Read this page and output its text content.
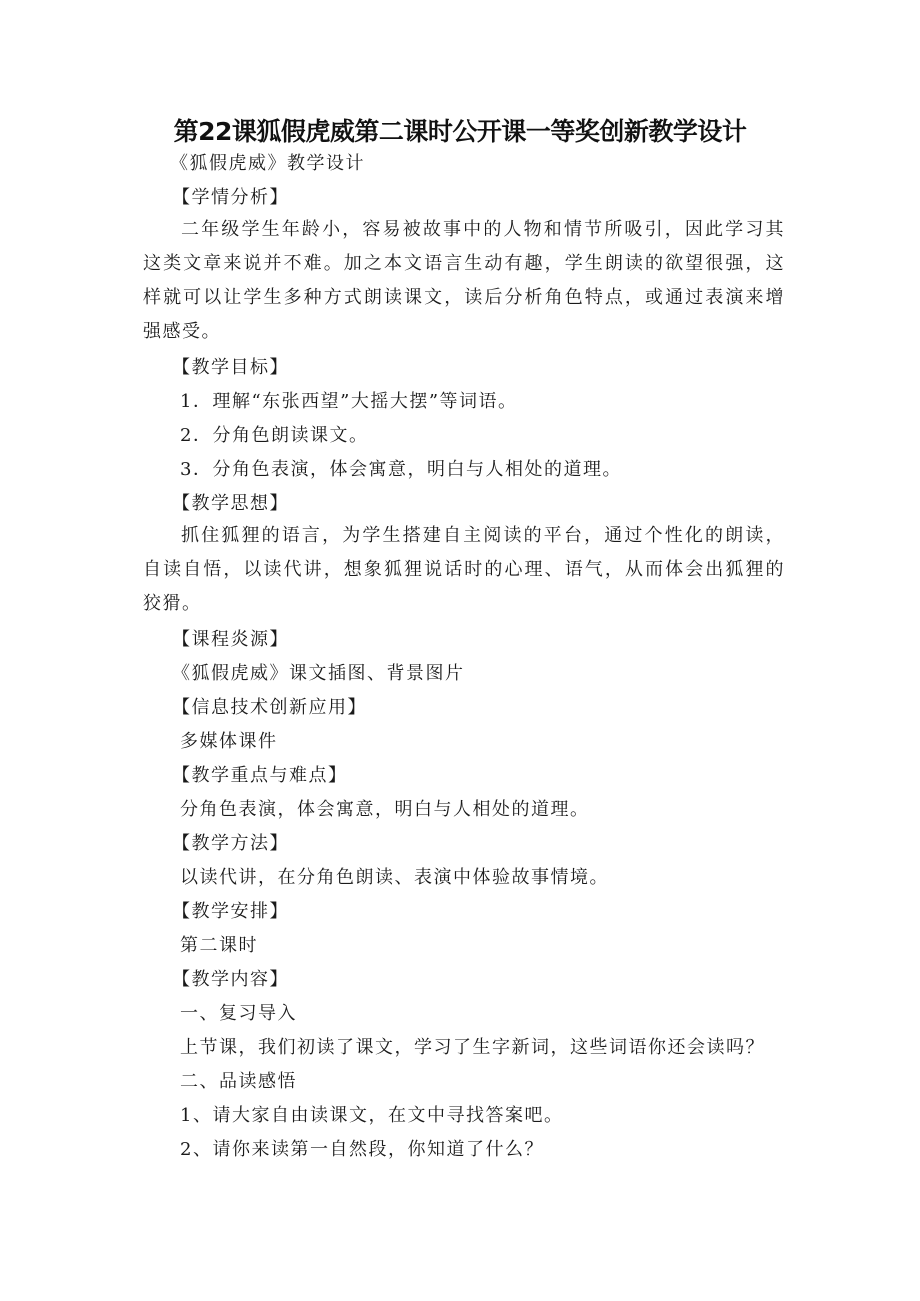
第22课狐假虎威第二课时公开课一等奖创新教学设计
《狐假虎威》教学设计
【学情分析】
二年级学生年龄小，容易被故事中的人物和情节所吸引，因此学习其这类文章来说并不难。加之本文语言生动有趣，学生朗读的欲望很强，这样就可以让学生多种方式朗读课文，读后分析角色特点，或通过表演来增强感受。
【教学目标】
1．理解“东张西望”大摇大摆”等词语。
2．分角色朗读课文。
3．分角色表演，体会寓意，明白与人相处的道理。
【教学思想】
抓住狐狸的语言，为学生搭建自主阅读的平台，通过个性化的朗读，自读自悟，以读代讲，想象狐狸说话时的心理、语气，从而体会出狐狸的狡猾。
【课程炎源】
《狐假虎威》课文插图、背景图片
【信息技术创新应用】
多媒体课件
【教学重点与难点】
分角色表演，体会寓意，明白与人相处的道理。
【教学方法】
以读代讲，在分角色朗读、表演中体验故事情境。
【教学安排】
第二课时
【教学内容】
一、复习导入
上节课，我们初读了课文，学习了生字新词，这些词语你还会读吗？
二、品读感悟
1、请大家自由读课文，在文中寻找答案吧。
2、请你来读第一自然段，你知道了什么？
